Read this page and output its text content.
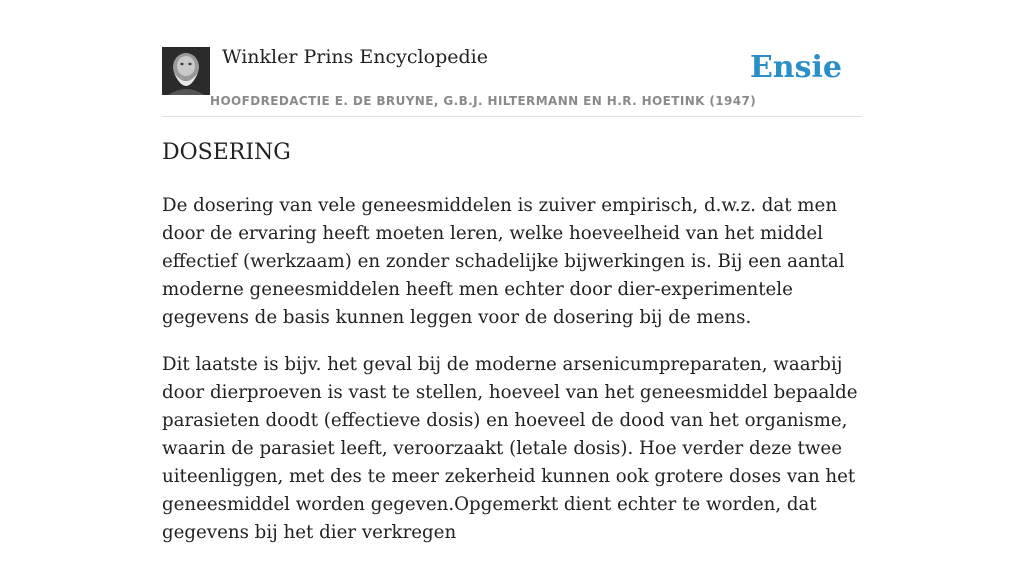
Winkler Prins Encyclopedie
HOOFDREDACTIE E. DE BRUYNE, G.B.J. HILTERMANN EN H.R. HOETINK (1947)
Ensie
DOSERING

De dosering van vele geneesmiddelen is zuiver empirisch, d.w.z. dat men door de ervaring heeft moeten leren, welke hoeveelheid van het middel effectief (werkzaam) en zonder schadelijke bijwerkingen is. Bij een aantal moderne geneesmiddelen heeft men echter door dier-experimentele gegevens de basis kunnen leggen voor de dosering bij de mens.

Dit laatste is bijv. het geval bij de moderne arsenicumpreparaten, waarbij door dierproeven is vast te stellen, hoeveel van het geneesmiddel bepaalde parasieten doodt (effectieve dosis) en hoeveel de dood van het organisme, waarin de parasiet leeft, veroorzaakt (letale dosis). Hoe verder deze twee uiteenliggen, met des te meer zekerheid kunnen ook grotere doses van het geneesmiddel worden gegeven.Opgemerkt dient echter te worden, dat gegevens bij het dier verkregen
